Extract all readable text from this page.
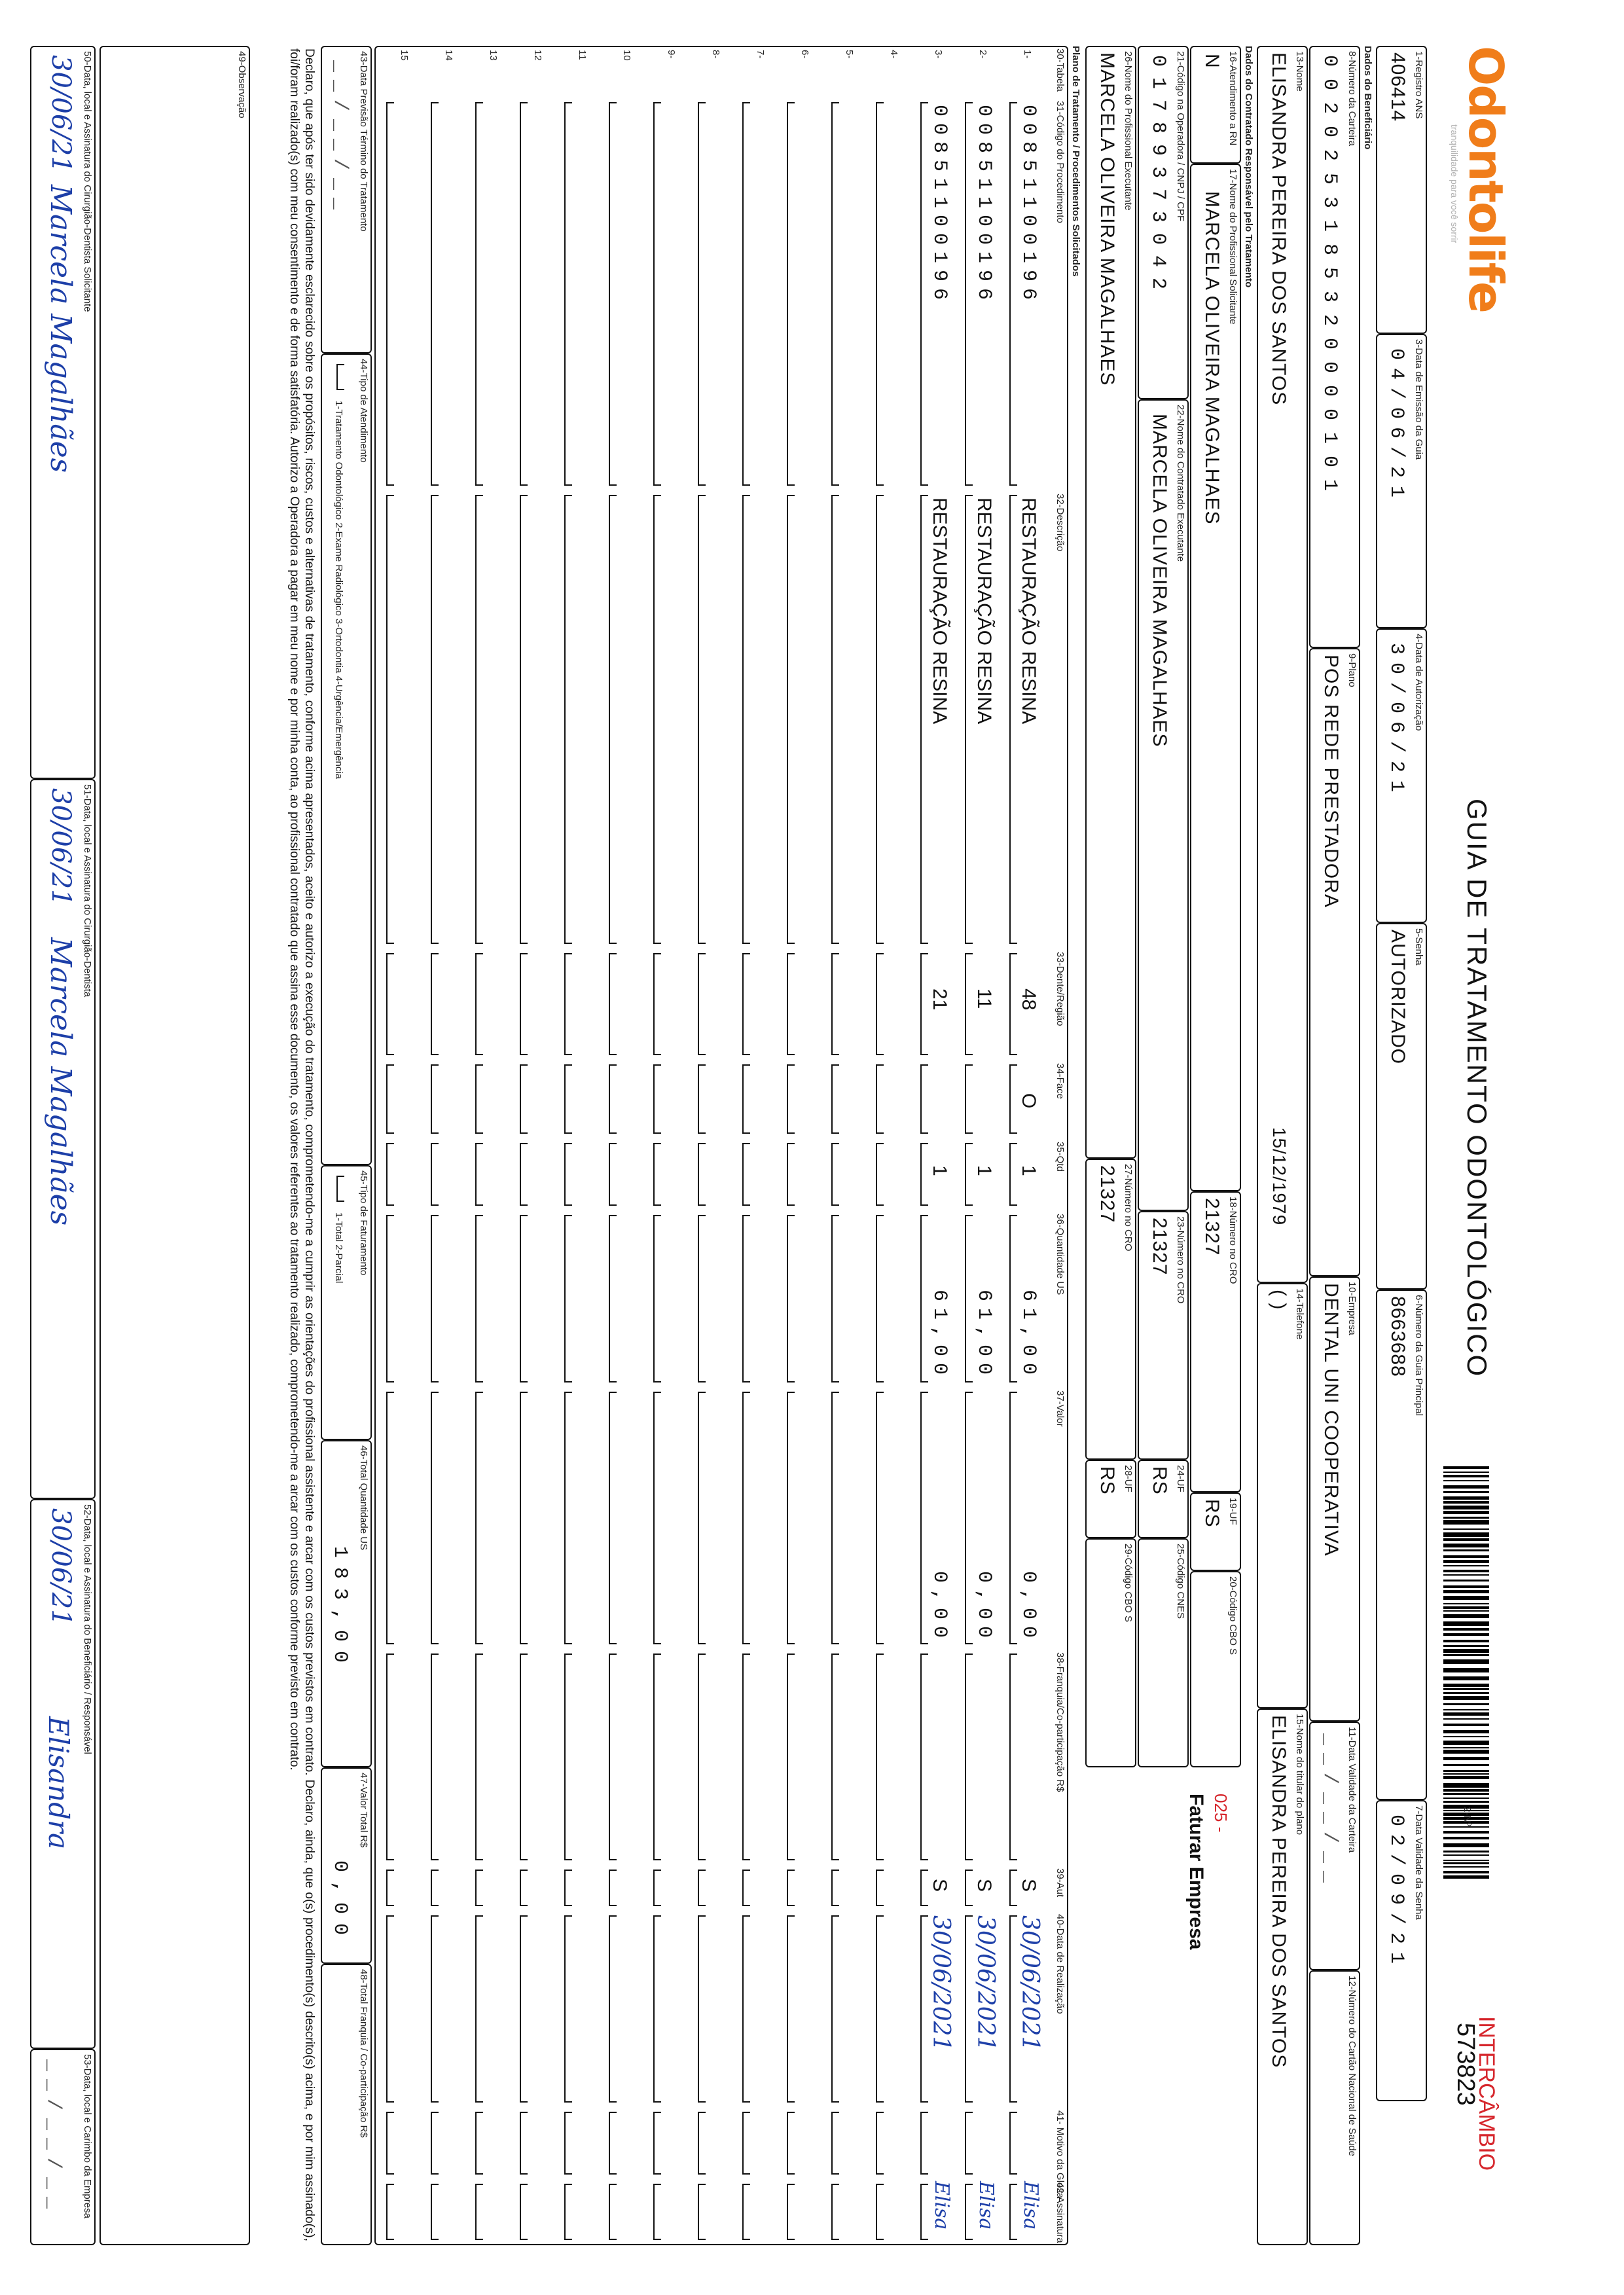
Odontolife
tranquilidade para você sorrir
GUIA DE TRATAMENTO ODONTOLÓGICO
2-Nº
573823
INTERCÂMBIO
1-Registro ANS
406414
3-Data de Emissão da Guia
04/06/21
4-Data de Autorização
30/06/21
5-Senha
AUTORIZADO
6-Número da Guia Principal
8663688
7-Data Validade da Senha
02/09/21
Dados do Beneficiário
8-Número da Carteira
0020253185320000101
9-Plano
POS REDE PRESTADORA
10-Empresa
DENTAL UNI COOPERATIVA
11-Data Validade da Carteira
__/__/__
12-Número do Cartão Nacional de Saúde
13-Nome
ELISANDRA PEREIRA DOS SANTOS
15/12/1979
14-Telefone
( )
15-Nome do titular do plano
ELISANDRA PEREIRA DOS SANTOS
Dados do Contratado Responsável pelo Tratamento
16-Atendimento a RN
N
17-Nome do Profissional Solicitante
MARCELA OLIVEIRA MAGALHAES
18-Número no CRO
21327
19-UF
RS
20-Código CBO S
21-Código na Operadora / CNPJ / CPF
01789373042
22-Nome do Contratado Executante
MARCELA OLIVEIRA MAGALHAES
23-Número no CRO
21327
24-UF
RS
25-Código CNES
025 -
Faturar Empresa
26-Nome do Profissional Executante
MARCELA OLIVEIRA MAGALHAES
27-Número no CRO
21327
28-UF
RS
29-Código CBO S
Plano de Tratamento / Procedimentos Solicitados
30-Tabela
31-Código do Procedimento
32-Descrição
33-Dente/Região
34-Face
35-Qtd
36-Quantidade US
37-Valor
38-Franquia/Co-participação R$
39-Aut
40-Data de Realização
41- Motivo da Glosa
42-Assinatura
1-
00851100196
RESTAURAÇÃO RESINA
48
O
1
61,00
0,00
S
30/06/2021
Elisa
2-
00851100196
RESTAURAÇÃO RESINA
11
1
61,00
0,00
S
30/06/2021
Elisa
3-
00851100196
RESTAURAÇÃO RESINA
21
1
61,00
0,00
S
30/06/2021
Elisa
4-
5-
6-
7-
8-
9-
10
11
12
13
14
15
43-Data Previsão Término do Tratamento
__/__/__
44-Tipo de Atendimento
1-Tratamento Odontológico 2-Exame Radiológico 3-Ortodontia 4-Urgência/Emergência
45-Tipo de Faturamento
1-Total 2-Parcial
46-Total Quantidade US
183,00
47-Valor Total R$
0,00
48-Total Franquia / Co-participação R$
Declaro, que após ter sido devidamente esclarecido sobre os propósitos, riscos, custos e alternativas de tratamento, conforme acima apresentados, aceito e autorizo a execução do tratamento, comprometendo-me a cumprir as orientações do profissional assistente e arcar com os custos previstos em contrato. Declaro, ainda, que o(s) procedimento(s) descrito(s) acima, e por mim assinado(s), foi/foram realizado(s) com meu consentimento e de forma satisfatória. Autorizo a Operadora a pagar em meu nome e por minha conta, ao profissional contratado que assina esse documento, os valores referentes ao tratamento realizado, comprometendo-me a arcar com os custos conforme previsto em contrato.
49-Observação
50-Data, local e Assinatura do Cirurgião-Dentista Solicitante
30/06/21
Marcela Magalhães
51-Data, local e Assinatura do Cirurgião-Dentista
30/06/21
Marcela Magalhães
52-Data, local e Assinatura do Beneficiário / Responsável
30/06/21
Elisandra
53-Data, local e Carimbo da Empresa
__/__/__
